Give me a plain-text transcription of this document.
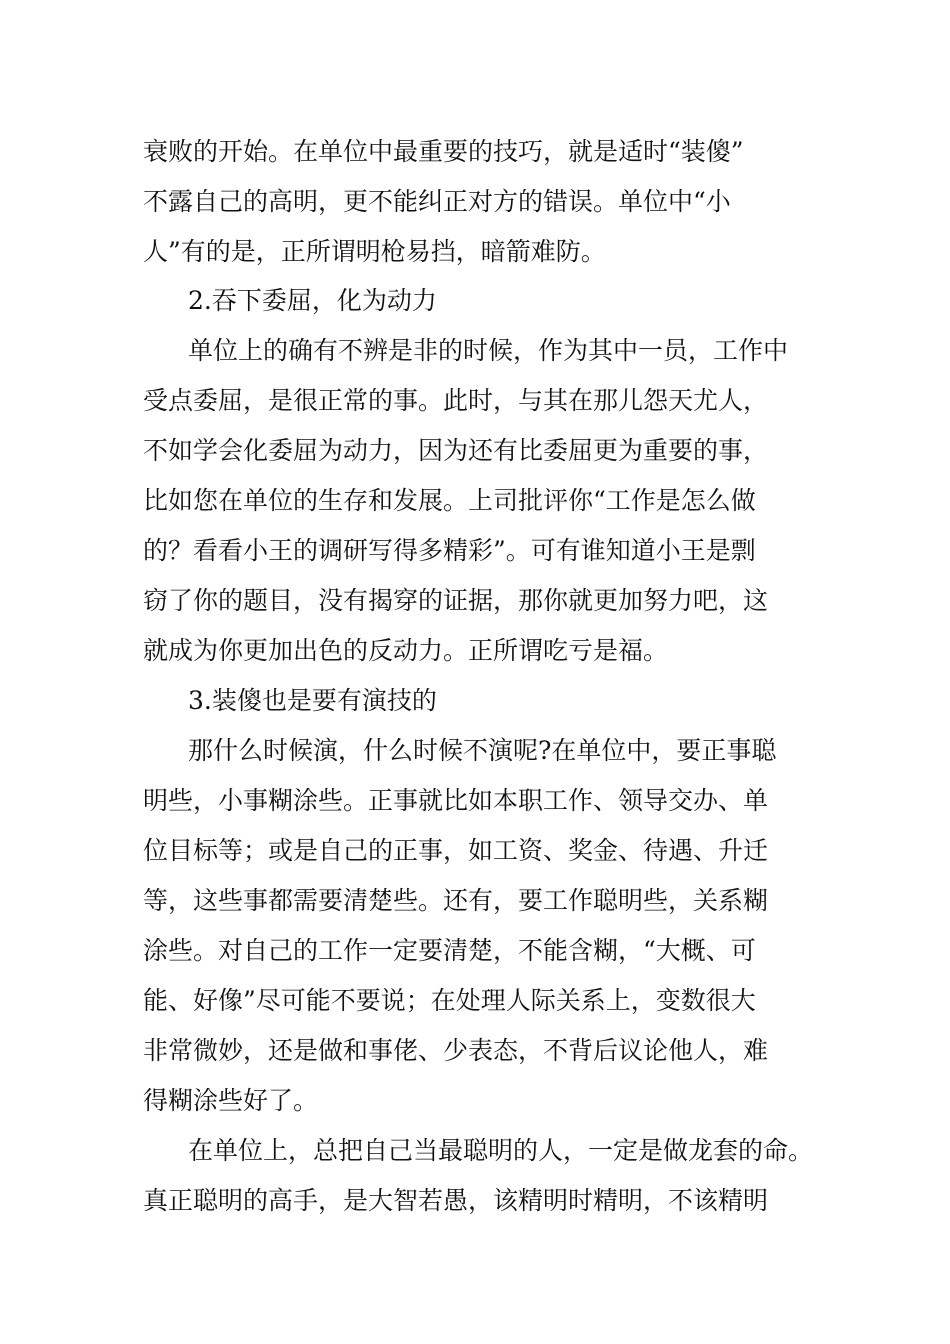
衰败的开始。在单位中最重要的技巧，就是适时“装傻”
不露自己的高明，更不能纠正对方的错误。单位中“小
人”有的是，正所谓明枪易挡，暗箭难防。
2.吞下委屈，化为动力
单位上的确有不辨是非的时候，作为其中一员，工作中
受点委屈，是很正常的事。此时，与其在那儿怨天尤人，
不如学会化委屈为动力，因为还有比委屈更为重要的事，
比如您在单位的生存和发展。上司批评你“工作是怎么做
的？看看小王的调研写得多精彩”。可有谁知道小王是剽
窃了你的题目，没有揭穿的证据，那你就更加努力吧，这
就成为你更加出色的反动力。正所谓吃亏是福。
3.装傻也是要有演技的
那什么时候演，什么时候不演呢?在单位中，要正事聪
明些，小事糊涂些。正事就比如本职工作、领导交办、单
位目标等；或是自己的正事，如工资、奖金、待遇、升迁
等，这些事都需要清楚些。还有，要工作聪明些，关系糊
涂些。对自己的工作一定要清楚，不能含糊，“大概、可
能、好像”尽可能不要说；在处理人际关系上，变数很大
非常微妙，还是做和事佬、少表态，不背后议论他人，难
得糊涂些好了。
在单位上，总把自己当最聪明的人，一定是做龙套的命。
真正聪明的高手，是大智若愚，该精明时精明，不该精明
